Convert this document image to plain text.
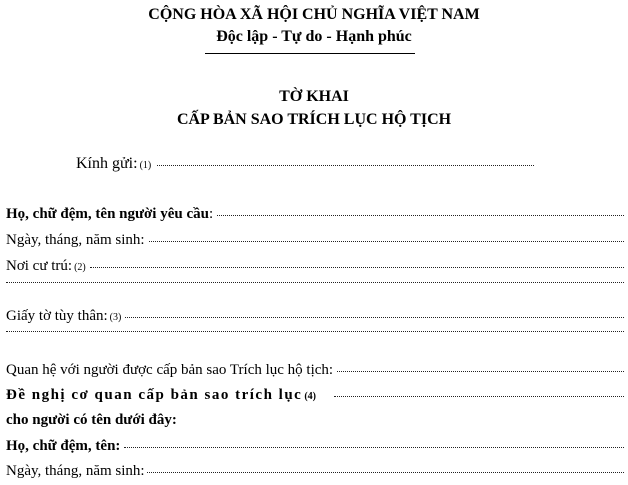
CỘNG HÒA XÃ HỘI CHỦ NGHĨA VIỆT NAM
Độc lập - Tự do - Hạnh phúc
TỜ KHAI
CẤP BẢN SAO TRÍCH LỤC HỘ TỊCH
Kính gửi: (1)
Họ, chữ đệm, tên người yêu cầu :
Ngày, tháng, năm sinh:
Nơi cư trú: (2)
Giấy tờ tùy thân: (3)
Quan hệ với người được cấp bản sao Trích lục hộ tịch:
Đề nghị cơ quan cấp bản sao trích lục (4)
cho người có tên dưới đây:
Họ, chữ đệm, tên:
Ngày, tháng, năm sinh:
